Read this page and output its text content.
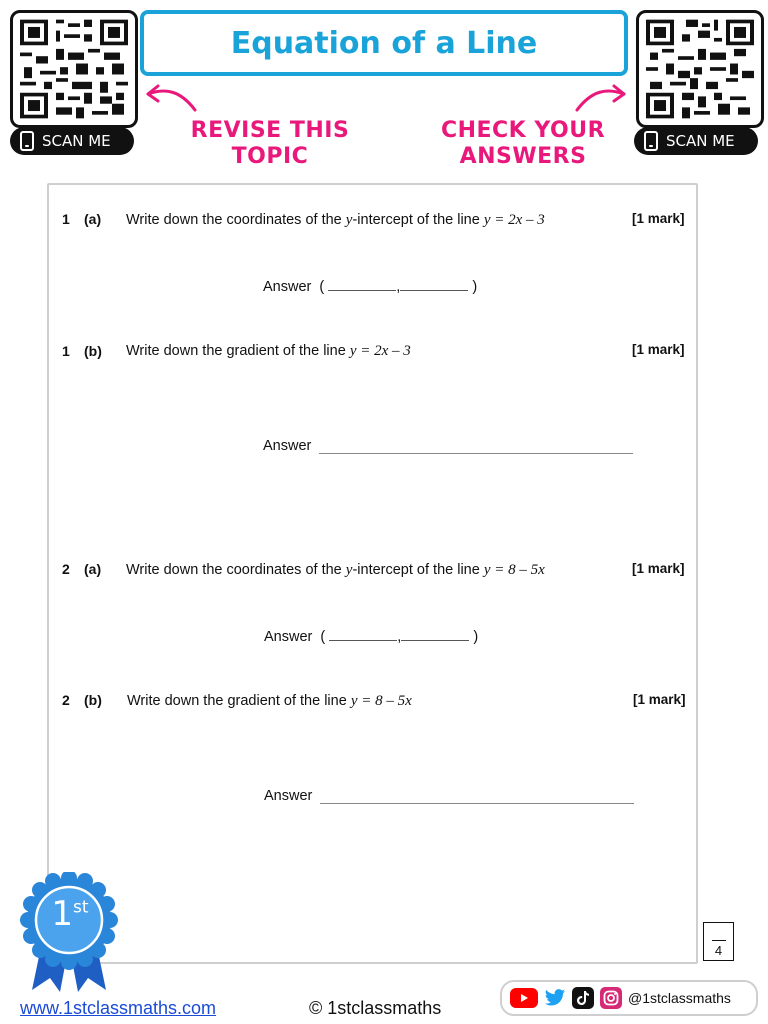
SCAN ME	SCAN ME
Equation of a Line
REVISE THIS
TOPIC
CHECK YOUR
ANSWERS
1 (a) Write down the coordinates of the y-intercept of the line y = 2x – 3	[1 mark]
Answer (	,	)
1 (b) Write down the gradient of the line y = 2x – 3	[1 mark]
Answer
2 (a) Write down the coordinates of the y-intercept of the line y = 8 – 5x	[1 mark]
Answer (	,	)
2 (b) Write down the gradient of the line y = 8 – 5x	[1 mark]
Answer
4
1st
www.1stclassmaths.com	© 1stclassmaths	@1stclassmaths
